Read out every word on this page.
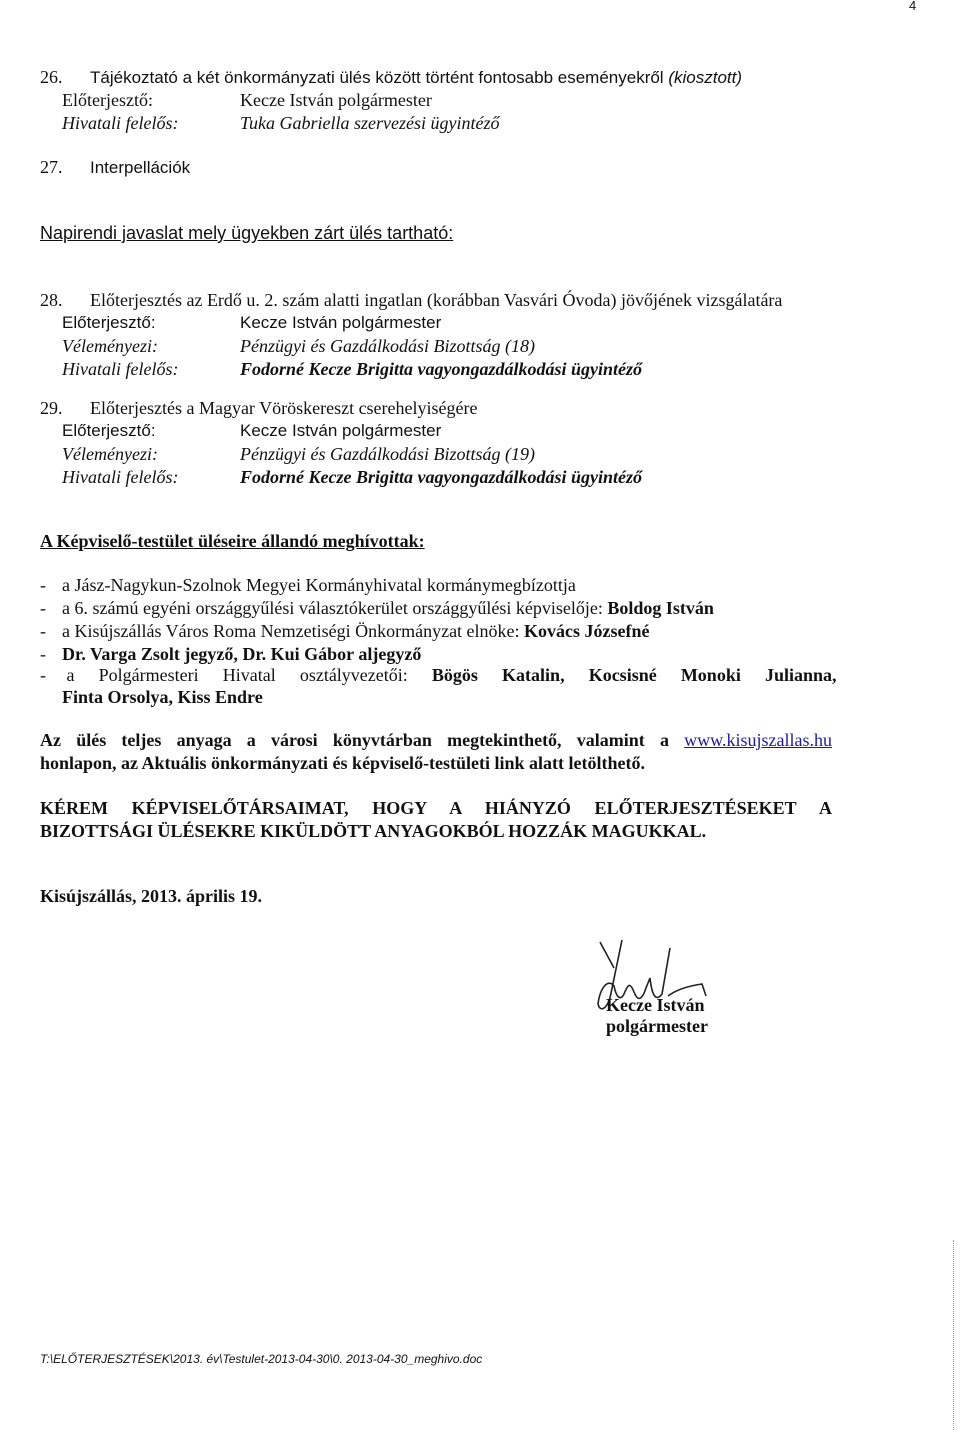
4
26. Tájékoztató a két önkormányzati ülés között történt fontosabb eseményekről (kiosztott)
Előterjesztő:	Kecze István polgármester
Hivatali felelős:	Tuka Gabriella szervezési ügyintéző
27. Interpellációk
Napirendi javaslat mely ügyekben zárt ülés tartható:
28. Előterjesztés az Erdő u. 2. szám alatti ingatlan (korábban Vasvári Óvoda) jövőjének vizsgálatára
Előterjesztő:	Kecze István polgármester
Véleményezi:	Pénzügyi és Gazdálkodási Bizottság (18)
Hivatali felelős:	Fodorné Kecze Brigitta vagyongazdálkodási ügyintéző
29. Előterjesztés a Magyar Vöröskereszt cserehelyiségére
Előterjesztő:	Kecze István polgármester
Véleményezi:	Pénzügyi és Gazdálkodási Bizottság (19)
Hivatali felelős:	Fodorné Kecze Brigitta vagyongazdálkodási ügyintéző
A Képviselő-testület üléseire állandó meghívottak:
- a Jász-Nagykun-Szolnok Megyei Kormányhivatal kormánymegbízottja
- a 6. számú egyéni országgyűlési választókerület országgyűlési képviselője: Boldog István
- a Kisújszállás Város Roma Nemzetiségi Önkormányzat elnöke: Kovács Józsefné
- Dr. Varga Zsolt jegyző, Dr. Kui Gábor aljegyző
- a Polgármesteri Hivatal osztályvezetői: Bögös Katalin, Kocsisné Monoki Julianna,
Finta Orsolya, Kiss Endre
Az ülés teljes anyaga a városi könyvtárban megtekinthető, valamint a www.kisujszallas.hu
honlapon, az Aktuális önkormányzati és képviselő-testületi link alatt letölthető.
KÉREM KÉPVISELŐTÁRSAIMAT, HOGY A HIÁNYZÓ ELŐTERJESZTÉSEKET A
BIZOTTSÁGI ÜLÉSEKRE KIKÜLDÖTT ANYAGOKBÓL HOZZÁK MAGUKKAL.
Kisújszállás, 2013. április 19.
Kecze István
polgármester
T:\ELŐTERJESZTÉSEK\2013. év\Testulet-2013-04-30\0. 2013-04-30_meghivo.doc
